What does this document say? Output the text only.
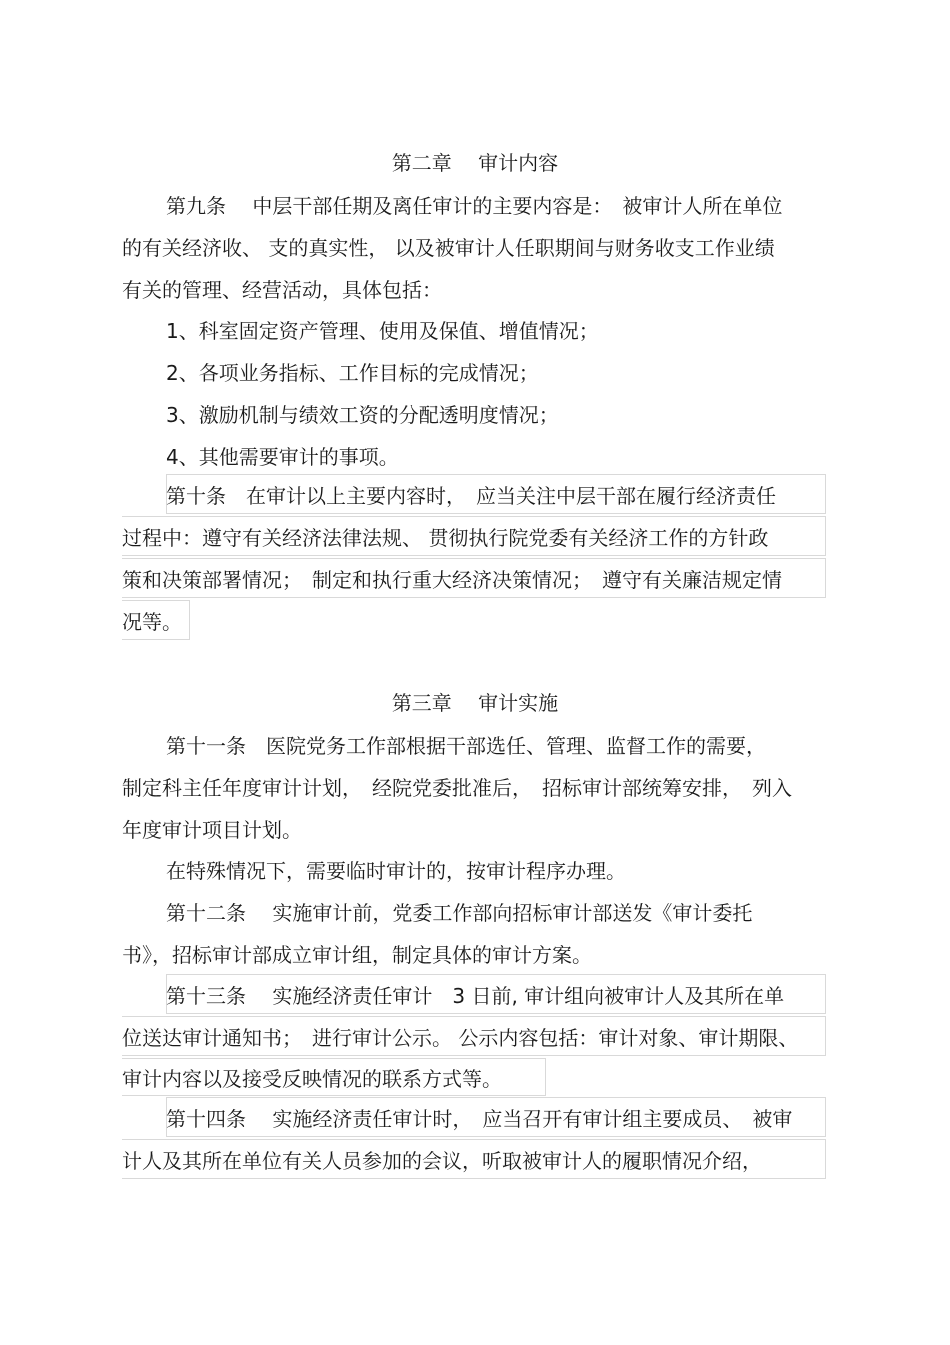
第二章　 审计内容
第九条　 中层干部任期及离任审计的主要内容是：　被审计人所在单位
的有关经济收、 支的真实性， 以及被审计人任职期间与财务收支工作业绩
有关的管理、经营活动，具体包括：
1、科室固定资产管理、使用及保值、增值情况；
2、各项业务指标、工作目标的完成情况；
3、激励机制与绩效工资的分配透明度情况；
4、其他需要审计的事项。
第十条　在审计以上主要内容时，　应当关注中层干部在履行经济责任
过程中：遵守有关经济法律法规、 贯彻执行院党委有关经济工作的方针政
策和决策部署情况；　制定和执行重大经济决策情况；　遵守有关廉洁规定情
况等。
第三章　 审计实施
第十一条　医院党务工作部根据干部选任、管理、监督工作的需要，
制定科主任年度审计计划，　经院党委批准后，　招标审计部统筹安排，　列入
年度审计项目计划。
在特殊情况下，需要临时审计的，按审计程序办理。
第十二条　 实施审计前，党委工作部向招标审计部送发《审计委托
书》，招标审计部成立审计组，制定具体的审计方案。
第十三条　 实施经济责任审计　3 日前, 审计组向被审计人及其所在单
位送达审计通知书；　进行审计公示。 公示内容包括：审计对象、审计期限、
审计内容以及接受反映情况的联系方式等。
第十四条　 实施经济责任审计时，　应当召开有审计组主要成员、　被审
计人及其所在单位有关人员参加的会议，听取被审计人的履职情况介绍，
